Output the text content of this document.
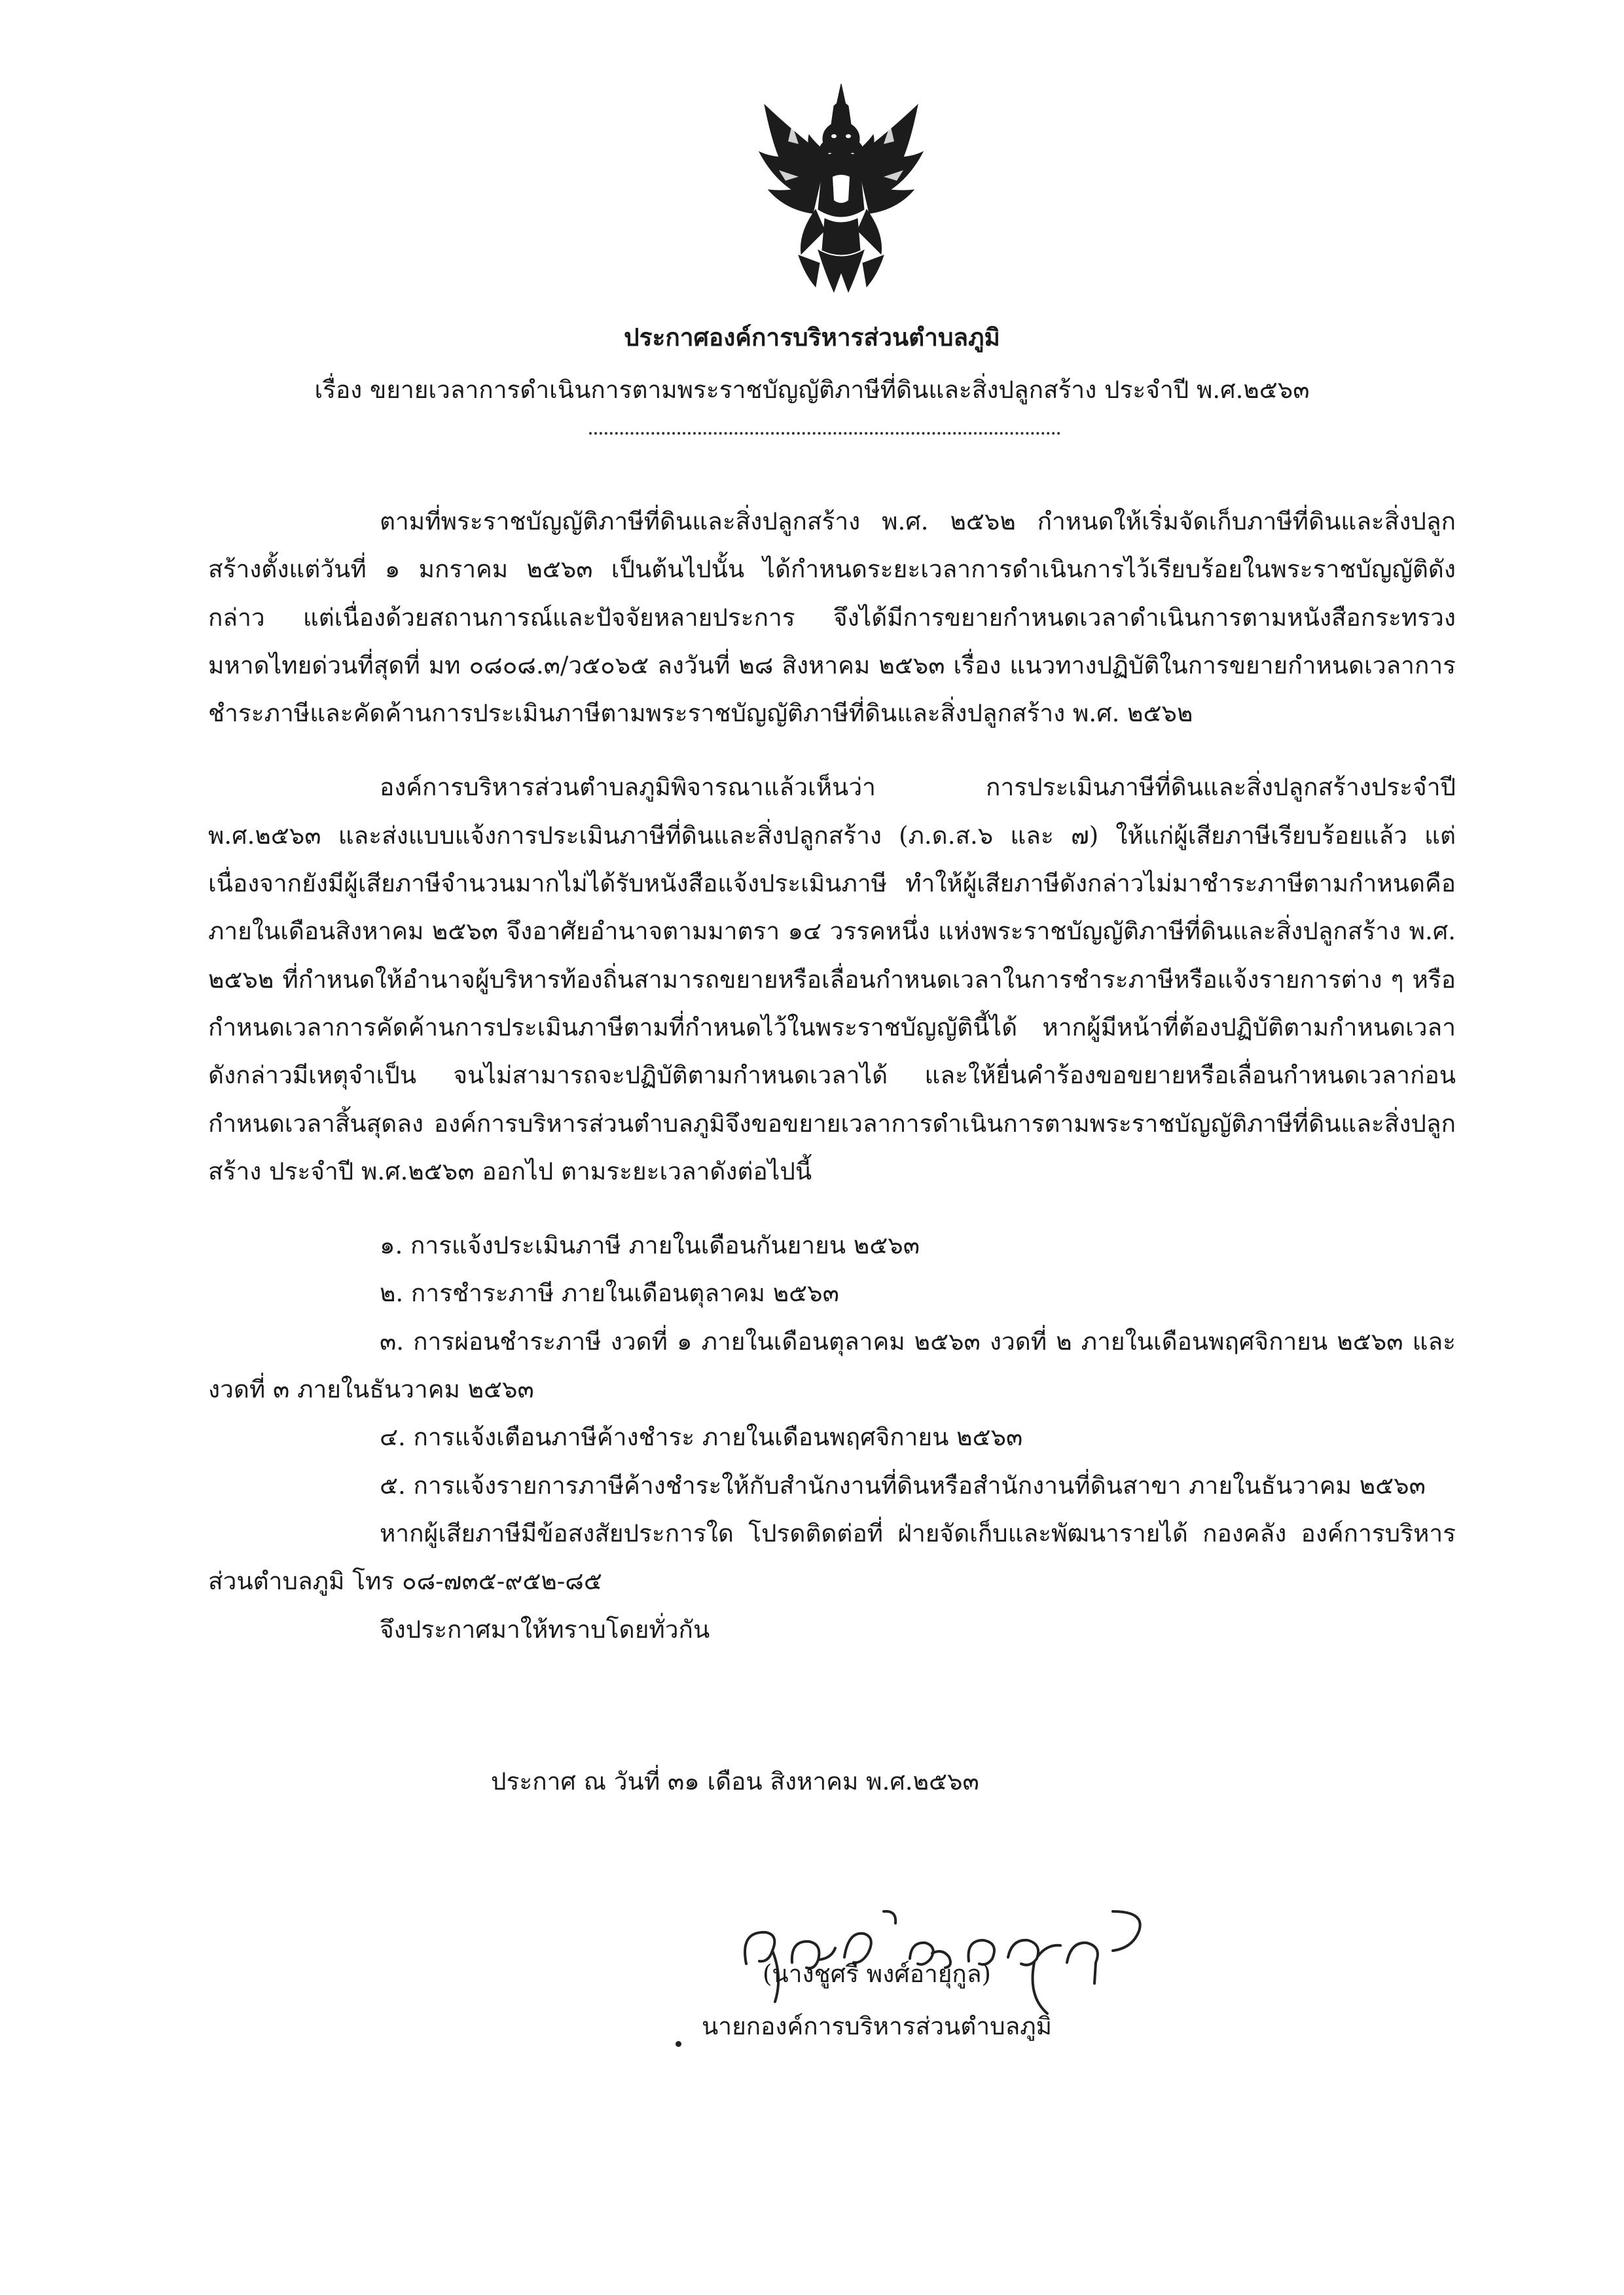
ประกาศองค์การบริหารส่วนตำบลภูมิ

เรื่อง ขยายเวลาการดำเนินการตามพระราชบัญญัติภาษีที่ดินและสิ่งปลูกสร้าง ประจำปี พ.ศ.๒๕๖๓

ตามที่พระราชบัญญัติภาษีที่ดินและสิ่งปลูกสร้าง พ.ศ. ๒๕๖๒ กำหนดให้เริ่มจัดเก็บภาษีที่ดินและสิ่งปลูกสร้างตั้งแต่วันที่ ๑ มกราคม ๒๕๖๓ เป็นต้นไปนั้น ได้กำหนดระยะเวลาการดำเนินการไว้เรียบร้อยในพระราชบัญญัติดังกล่าว แต่เนื่องด้วยสถานการณ์และปัจจัยหลายประการ จึงได้มีการขยายกำหนดเวลาดำเนินการตามหนังสือกระทรวงมหาดไทยด่วนที่สุดที่ มท ๐๘๐๘.๓/ว๕๐๖๕ ลงวันที่ ๒๘ สิงหาคม ๒๕๖๓ เรื่อง แนวทางปฏิบัติในการขยายกำหนดเวลาการชำระภาษีและคัดค้านการประเมินภาษีตามพระราชบัญญัติภาษีที่ดินและสิ่งปลูกสร้าง พ.ศ. ๒๕๖๒

องค์การบริหารส่วนตำบลภูมิพิจารณาแล้วเห็นว่า การประเมินภาษีที่ดินและสิ่งปลูกสร้างประจำปี พ.ศ.๒๕๖๓ และส่งแบบแจ้งการประเมินภาษีที่ดินและสิ่งปลูกสร้าง (ภ.ด.ส.๖ และ ๗) ให้แก่ผู้เสียภาษีเรียบร้อยแล้ว แต่เนื่องจากยังมีผู้เสียภาษีจำนวนมากไม่ได้รับหนังสือแจ้งประเมินภาษี ทำให้ผู้เสียภาษีดังกล่าวไม่มาชำระภาษีตามกำหนดคือ ภายในเดือนสิงหาคม ๒๕๖๓ จึงอาศัยอำนาจตามมาตรา ๑๔ วรรคหนึ่ง แห่งพระราชบัญญัติภาษีที่ดินและสิ่งปลูกสร้าง พ.ศ. ๒๕๖๒ ที่กำหนดให้อำนาจผู้บริหารท้องถิ่นสามารถขยายหรือเลื่อนกำหนดเวลาในการชำระภาษีหรือแจ้งรายการต่าง ๆ หรือกำหนดเวลาการคัดค้านการประเมินภาษีตามที่กำหนดไว้ในพระราชบัญญัตินี้ได้ หากผู้มีหน้าที่ต้องปฏิบัติตามกำหนดเวลาดังกล่าวมีเหตุจำเป็น จนไม่สามารถจะปฏิบัติตามกำหนดเวลาได้ และให้ยื่นคำร้องขอขยายหรือเลื่อนกำหนดเวลาก่อนกำหนดเวลาสิ้นสุดลง องค์การบริหารส่วนตำบลภูมิจึงขอขยายเวลาการดำเนินการตามพระราชบัญญัติภาษีที่ดินและสิ่งปลูกสร้าง ประจำปี พ.ศ.๒๕๖๓ ออกไป ตามระยะเวลาดังต่อไปนี้

๑. การแจ้งประเมินภาษี ภายในเดือนกันยายน ๒๕๖๓

๒. การชำระภาษี ภายในเดือนตุลาคม ๒๕๖๓

๓. การผ่อนชำระภาษี งวดที่ ๑ ภายในเดือนตุลาคม ๒๕๖๓ งวดที่ ๒ ภายในเดือนพฤศจิกายน ๒๕๖๓ และงวดที่ ๓ ภายในธันวาคม ๒๕๖๓

๔. การแจ้งเตือนภาษีค้างชำระ ภายในเดือนพฤศจิกายน ๒๕๖๓

๕. การแจ้งรายการภาษีค้างชำระให้กับสำนักงานที่ดินหรือสำนักงานที่ดินสาขา ภายในธันวาคม ๒๕๖๓

หากผู้เสียภาษีมีข้อสงสัยประการใด โปรดติดต่อที่ ฝ่ายจัดเก็บและพัฒนารายได้ กองคลัง องค์การบริหารส่วนตำบลภูมิ โทร ๐๘-๗๓๕-๙๕๒-๘๕

จึงประกาศมาให้ทราบโดยทั่วกัน

ประกาศ ณ วันที่ ๓๑ เดือน สิงหาคม พ.ศ.๒๕๖๓

(นางชูศรี พงศ์อายุกูล)

นายกองค์การบริหารส่วนตำบลภูมิ
